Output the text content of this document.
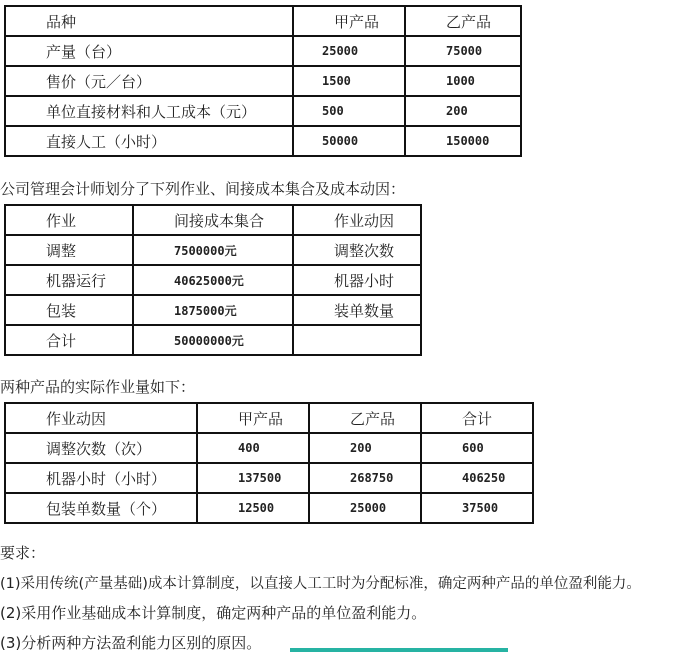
品种	甲产品	乙产品
产量（台）	25000	75000
售价（元／台）	1500	1000
单位直接材料和人工成本（元）	500	200
直接人工（小时）	50000	150000
公司管理会计师划分了下列作业、间接成本集合及成本动因：
作业	间接成本集合	作业动因
调整	7500000元	调整次数
机器运行	40625000元	机器小时
包装	1875000元	装单数量
合计	50000000元	
两种产品的实际作业量如下：
作业动因	甲产品	乙产品	合计
调整次数（次）	400	200	600
机器小时（小时）	137500	268750	406250
包装单数量（个）	12500	25000	37500
要求：
(1)采用传统(产量基础)成本计算制度，以直接人工工时为分配标准，确定两种产品的单位盈利能力。
(2)采用作业基础成本计算制度，确定两种产品的单位盈利能力。
(3)分析两种方法盈利能力区别的原因。
